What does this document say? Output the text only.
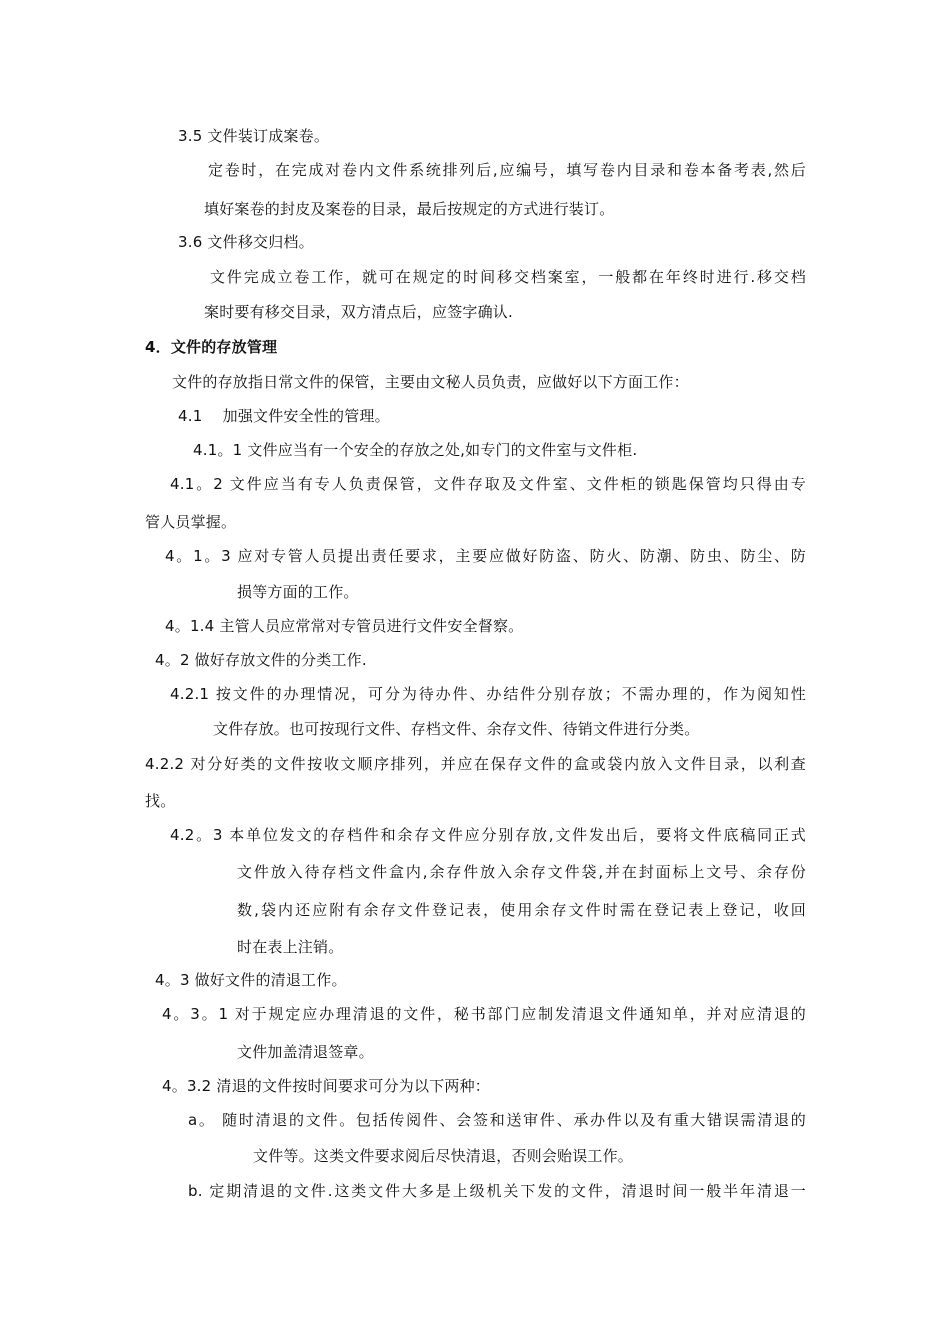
3.5 文件装订成案卷。
定卷时，在完成对卷内文件系统排列后,应编号，填写卷内目录和卷本备考表,然后
填好案卷的封皮及案卷的目录，最后按规定的方式进行装订。
3.6 文件移交归档。
文件完成立卷工作，就可在规定的时间移交档案室，一般都在年终时进行.移交档
案时要有移交目录，双方清点后，应签字确认.
4．文件的存放管理
文件的存放指日常文件的保管，主要由文秘人员负责，应做好以下方面工作：
4.1　 加强文件安全性的管理。
4.1。1 文件应当有一个安全的存放之处,如专门的文件室与文件柜.
4.1。2 文件应当有专人负责保管，文件存取及文件室、文件柜的锁匙保管均只得由专
管人员掌握。
4。1。3 应对专管人员提出责任要求，主要应做好防盗、防火、防潮、防虫、防尘、防
损等方面的工作。
4。1.4 主管人员应常常对专管员进行文件安全督察。
4。2 做好存放文件的分类工作.
4.2.1 按文件的办理情况，可分为待办件、办结件分别存放；不需办理的，作为阅知性
文件存放。也可按现行文件、存档文件、余存文件、待销文件进行分类。
4.2.2 对分好类的文件按收文顺序排列，并应在保存文件的盒或袋内放入文件目录，以利查
找。
4.2。3 本单位发文的存档件和余存文件应分别存放,文件发出后，要将文件底稿同正式
文件放入待存档文件盒内,余存件放入余存文件袋,并在封面标上文号、余存份
数,袋内还应附有余存文件登记表，使用余存文件时需在登记表上登记，收回
时在表上注销。
4。3 做好文件的清退工作。
4。3。1 对于规定应办理清退的文件，秘书部门应制发清退文件通知单，并对应清退的
文件加盖清退签章。
4。3.2 清退的文件按时间要求可分为以下两种：
a。 随时清退的文件。包括传阅件、会签和送审件、承办件以及有重大错误需清退的
文件等。这类文件要求阅后尽快清退，否则会贻误工作。
b. 定期清退的文件.这类文件大多是上级机关下发的文件，清退时间一般半年清退一
